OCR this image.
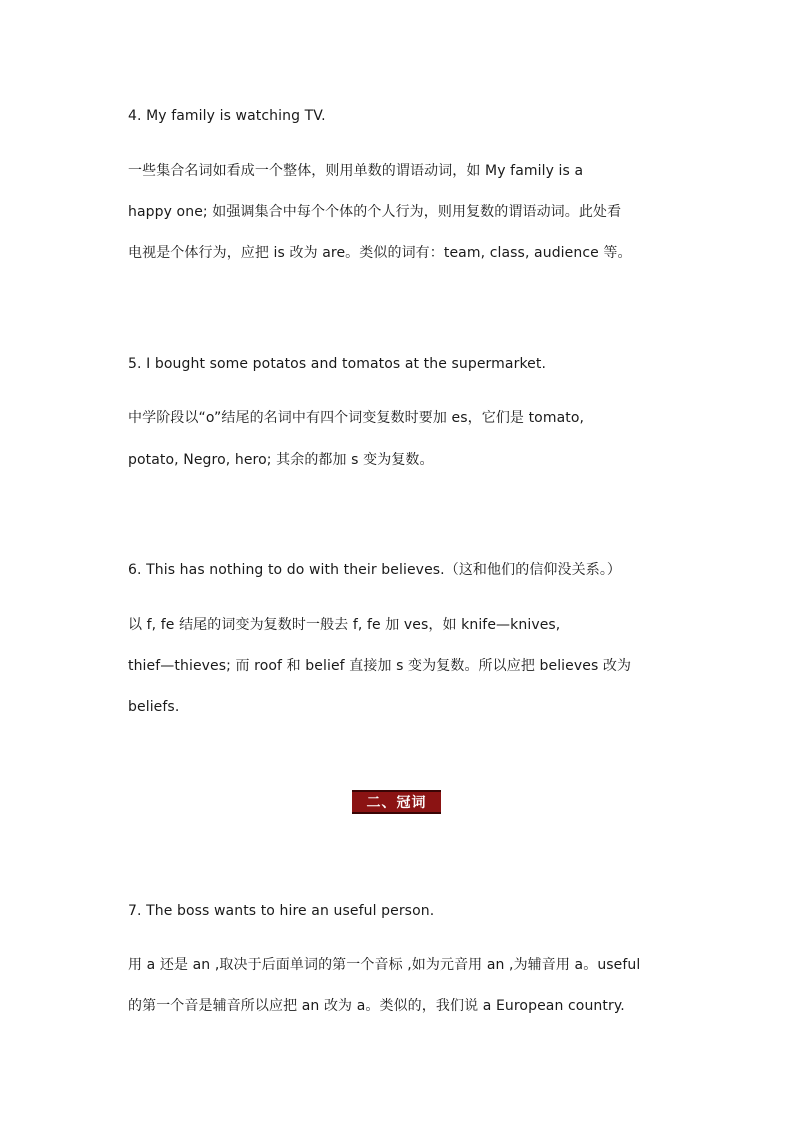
4. My family is watching TV.

一些集合名词如看成一个整体，则用单数的谓语动词，如 My family is a

happy one; 如强调集合中每个个体的个人行为，则用复数的谓语动词。此处看

电视是个体行为，应把 is 改为 are。类似的词有：team, class, audience 等。

5. I bought some potatos and tomatos at the supermarket.

中学阶段以“o”结尾的名词中有四个词变复数时要加 es，它们是 tomato,

potato, Negro, hero; 其余的都加 s 变为复数。

6. This has nothing to do with their believes.（这和他们的信仰没关系。）

以 f, fe 结尾的词变为复数时一般去 f, fe 加 ves，如 knife—knives,

thief—thieves; 而 roof 和 belief 直接加 s 变为复数。所以应把 believes 改为

beliefs.

二、冠词

7. The boss wants to hire an useful person.

用 a 还是 an ,取决于后面单词的第一个音标 ,如为元音用 an ,为辅音用 a。useful

的第一个音是辅音所以应把 an 改为 a。类似的，我们说 a European country.
